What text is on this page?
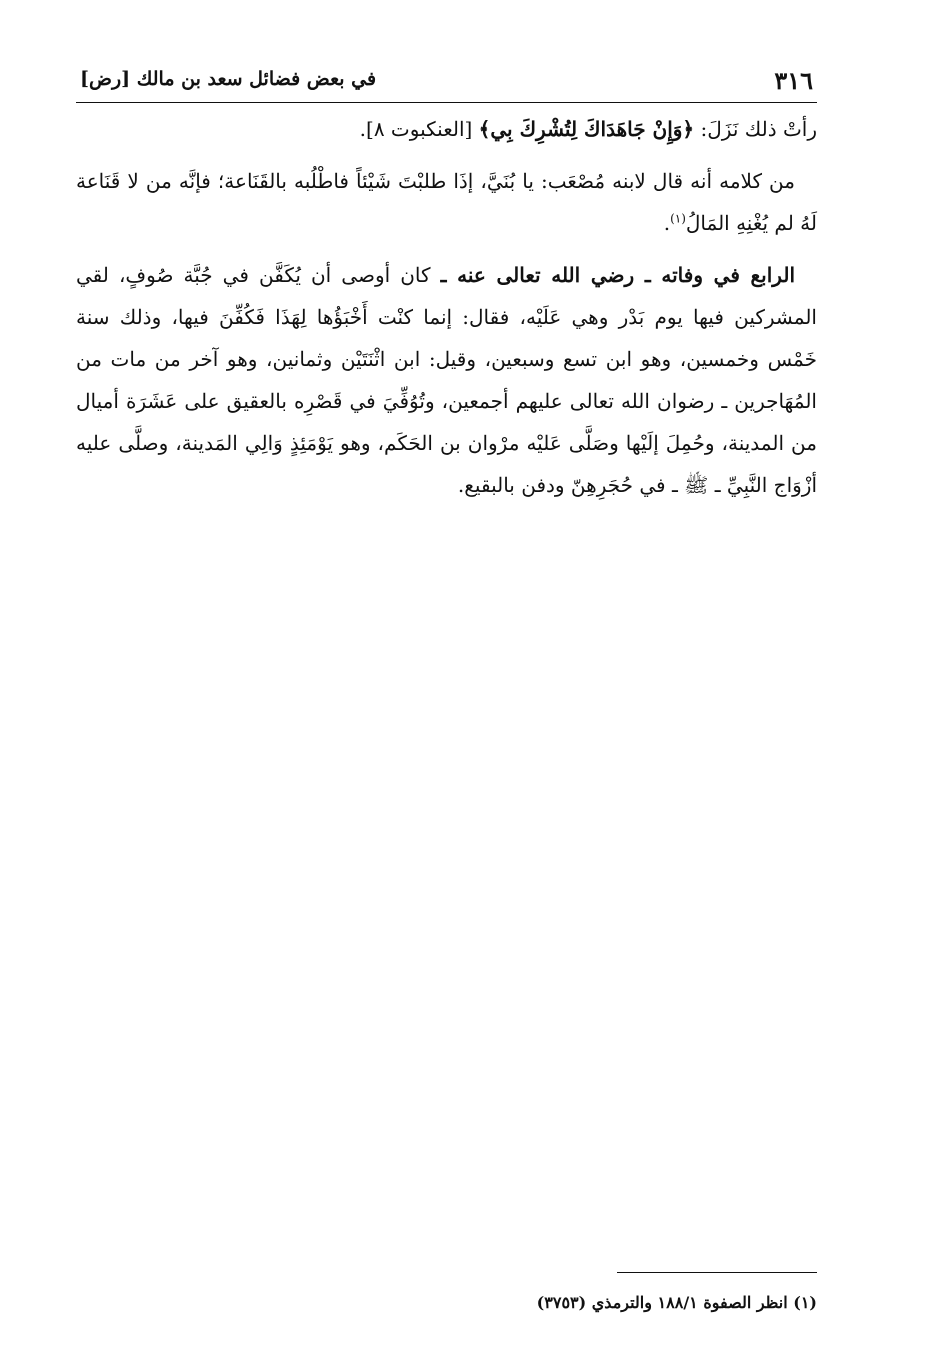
٣١٦
في بعض فضائل سعد بن مالك [رض]

رأتْ ذلك نَزَلَ: ﴿وَإِنْ جَاهَدَاكَ لِتُشْرِكَ بِي﴾ [العنكبوت ٨].

من كلامه أنه قال لابنه مُصْعَب: يا بُنَيَّ، إذَا طلبْتَ شَيْئاً فاطْلُبه بالقَنَاعة؛ فإنَّه من لا قَنَاعة لَهُ لم يُغْنِهِ المَالُ$^{(١)}$.

الرابع في وفاته ـ رضي الله تعالى عنه ـ كان أوصى أن يُكَفَّن في جُبَّة صُوفٍ، لقي المشركين فيها يوم بَدْر وهي عَلَيْه، فقال: إنما كنْت أَخْبَؤُها لِهَذَا فَكُفِّنَ فيها، وذلك سنة خَمْس وخمسين، وهو ابن تسع وسبعين، وقيل: ابن اثْنَتَيْن وثمانين، وهو آخر من مات من المُهَاجرين ـ رضوان الله تعالى عليهم أجمعين، وتُوُفِّيَ في قَصْرِه بالعقيق على عَشَرَة أميال من المدينة، وحُمِلَ إلَيْها وصَلَّى عَليْه مرْوان بن الحَكَم، وهو يَوْمَئِذٍ وَالِي المَدينة، وصلَّى عليه أزْوَاج النَّبِيِّ ـ ﷺ ـ في حُجَرِهِنّ ودفن بالبقيع.

(١) انظر الصفوة ١٨٨/١ والترمذي (٣٧٥٣)
